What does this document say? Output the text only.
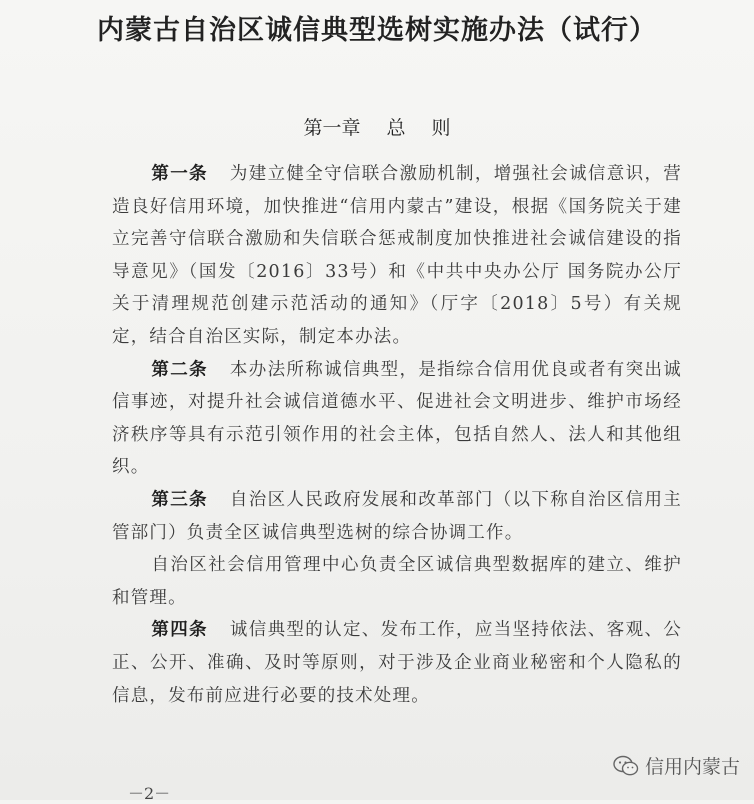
内蒙古自治区诚信典型选树实施办法（试行）
第一章 总 则

第一条 为建立健全守信联合激励机制，增强社会诚信意识，营造良好信用环境，加快推进“信用内蒙古”建设，根据《国务院关于建立完善守信联合激励和失信联合惩戒制度加快推进社会诚信建设的指导意见》（国发〔2016〕33号）和《中共中央办公厅 国务院办公厅关于清理规范创建示范活动的通知》（厅字〔2018〕5号）有关规定，结合自治区实际，制定本办法。

第二条 本办法所称诚信典型，是指综合信用优良或者有突出诚信事迹，对提升社会诚信道德水平、促进社会文明进步、维护市场经济秩序等具有示范引领作用的社会主体，包括自然人、法人和其他组织。

第三条 自治区人民政府发展和改革部门（以下称自治区信用主管部门）负责全区诚信典型选树的综合协调工作。

自治区社会信用管理中心负责全区诚信典型数据库的建立、维护和管理。

第四条 诚信典型的认定、发布工作，应当坚持依法、客观、公正、公开、准确、及时等原则，对于涉及企业商业秘密和个人隐私的信息，发布前应进行必要的技术处理。

－2－
信用内蒙古
